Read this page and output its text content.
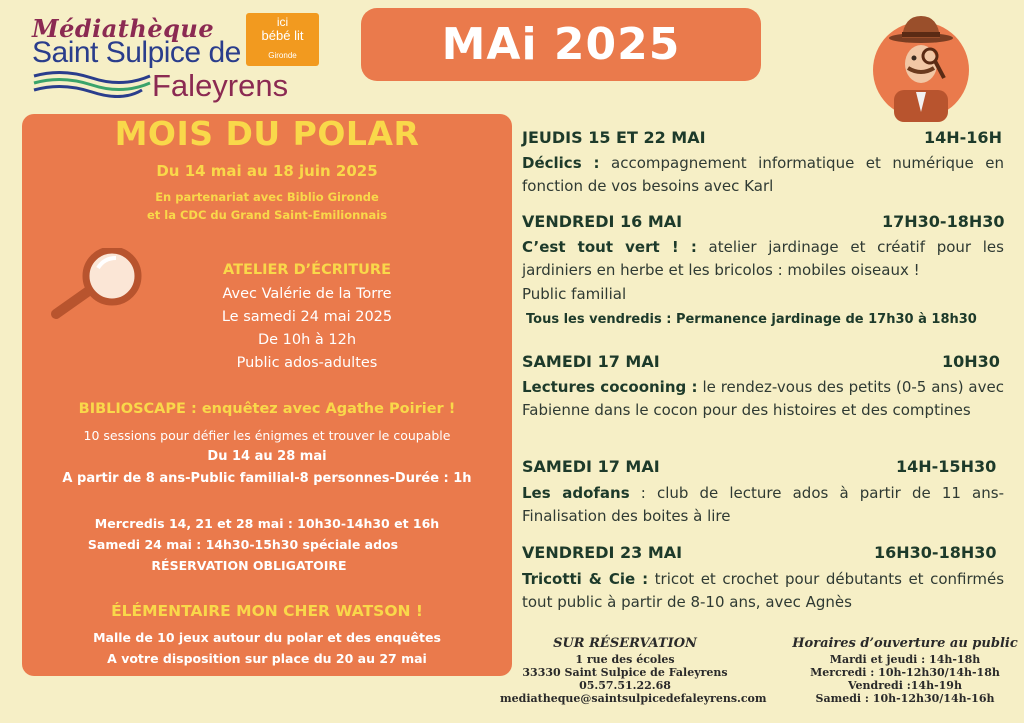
Médiathèque
Saint Sulpice de
Faleyrens
ici
bébé lit
Gironde	MAi 2025
MOIS DU POLAR
Du 14 mai au 18 juin 2025
En partenariat avec Biblio Gironde
et la CDC du Grand Saint-Emilionnais
ATELIER D’ÉCRITURE
Avec Valérie de la Torre
Le samedi 24 mai 2025
De 10h à 12h
Public ados-adultes
BIBLIOSCAPE : enquêtez avec Agathe Poirier !
10 sessions pour défier les énigmes et trouver le coupable
Du 14 au 28 mai
A partir de 8 ans-Public familial-8 personnes-Durée : 1h
Mercredis 14, 21 et 28 mai : 10h30-14h30 et 16h
Samedi 24 mai : 14h30-15h30 spéciale ados
RÉSERVATION OBLIGATOIRE
ÉLÉMENTAIRE MON CHER WATSON !
Malle de 10 jeux autour du polar et des enquêtes
A votre disposition sur place du 20 au 27 mai
JEUDIS 15 ET 22 MAI	14H-16H
Déclics : accompagnement informatique et numérique en fonction de vos besoins avec Karl
VENDREDI 16 MAI	17H30-18H30
C’est tout vert ! : atelier jardinage et créatif pour les jardiniers en herbe et les bricolos : mobiles oiseaux !
Public familial
Tous les vendredis : Permanence jardinage de 17h30 à 18h30
SAMEDI 17 MAI	10H30
Lectures cocooning : le rendez-vous des petits (0-5 ans) avec Fabienne dans le cocon pour des histoires et des comptines
SAMEDI 17 MAI	14H-15H30
Les adofans : club de lecture ados à partir de 11 ans-Finalisation des boites à lire
VENDREDI 23 MAI	16H30-18H30
Tricotti & Cie : tricot et crochet pour débutants et confirmés tout public à partir de 8-10 ans, avec Agnès
SUR RÉSERVATION
1 rue des écoles
33330 Saint Sulpice de Faleyrens
05.57.51.22.68
mediatheque@saintsulpicedefaleyrens.com
Horaires d’ouverture au public
Mardi et jeudi : 14h-18h
Mercredi : 10h-12h30/14h-18h
Vendredi :14h-19h
Samedi : 10h-12h30/14h-16h
